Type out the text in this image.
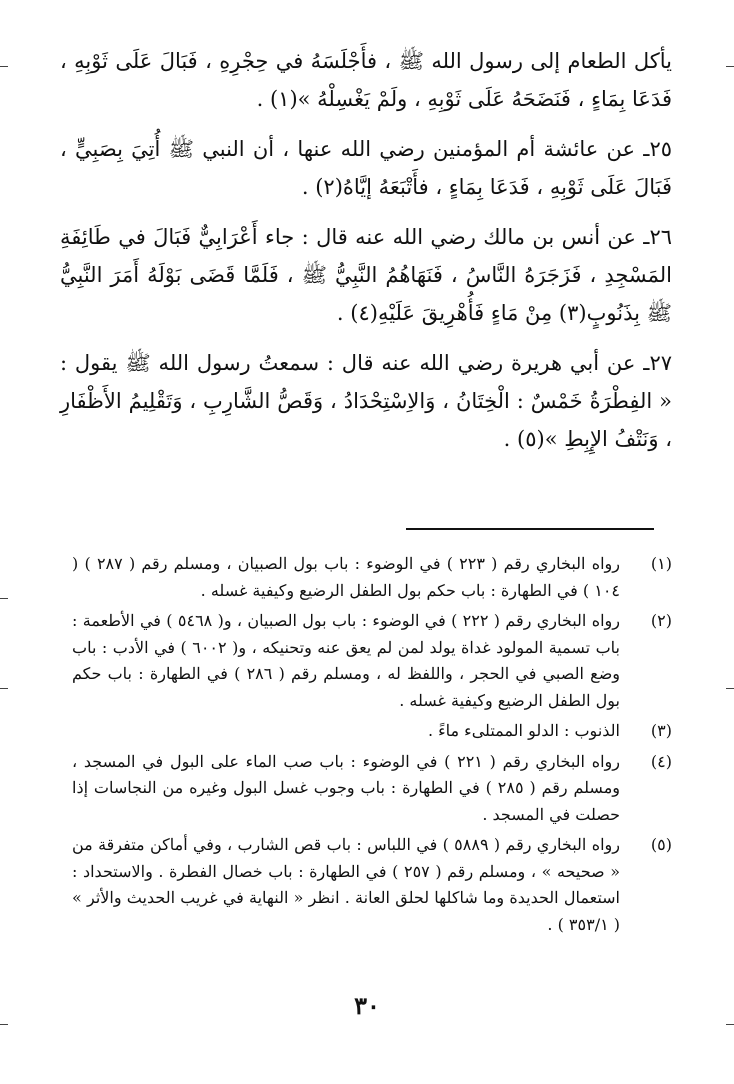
يأكل الطعام إلى رسول الله ﷺ ، فأَجْلَسَهُ في حِجْرِهِ ، فَبَالَ عَلَى ثَوْبِهِ ، فَدَعَا بِمَاءٍ ، فَنَضَحَهُ عَلَى ثَوْبِهِ ، ولَمْ يَغْسِلْهُ »(١) .

٢٥ـ عن عائشة أم المؤمنين رضي الله عنها ، أن النبي ﷺ أُتِيَ بِصَبِيٍّ ، فَبَالَ عَلَى ثَوْبِهِ ، فَدَعَا بِمَاءٍ ، فأَتْبَعَهُ إيَّاهُ(٢) .

٢٦ـ عن أنس بن مالك رضي الله عنه قال : جاء أَعْرَابِيٌّ فَبَالَ في طَائِفَةِ المَسْجِدِ ، فَزَجَرَهُ النَّاسُ ، فَنَهَاهُمُ النَّبِيُّ ﷺ ، فَلَمَّا قَضَى بَوْلَهُ أَمَرَ النَّبِيُّ ﷺ بِذَنُوبٍ(٣) مِنْ مَاءٍ فَأُهْرِيقَ عَلَيْهِ(٤) .

٢٧ـ عن أبي هريرة رضي الله عنه قال : سمعتُ رسول الله ﷺ يقول : « الفِطْرَةُ خَمْسٌ : الْخِتَانُ ، وَالاِسْتِحْدَادُ ، وَقَصُّ الشَّارِبِ ، وَتَقْلِيمُ الأَظْفَارِ ، وَنَتْفُ الإِبِطِ »(٥) .

(١)
رواه البخاري رقم ( ٢٢٣ ) في الوضوء : باب بول الصبيان ، ومسلم رقم ( ٢٨٧ ) ( ١٠٤ ) في الطهارة : باب حكم بول الطفل الرضيع وكيفية غسله .
(٢)
رواه البخاري رقم ( ٢٢٢ ) في الوضوء : باب بول الصبيان ، و( ٥٤٦٨ ) في الأطعمة : باب تسمية المولود غداة يولد لمن لم يعق عنه وتحنيكه ، و( ٦٠٠٢ ) في الأدب : باب وضع الصبي في الحجر ، واللفظ له ، ومسلم رقم ( ٢٨٦ ) في الطهارة : باب حكم بول الطفل الرضيع وكيفية غسله .
(٣)
الذنوب : الدلو الممتلىء ماءً .
(٤)
رواه البخاري رقم ( ٢٢١ ) في الوضوء : باب صب الماء على البول في المسجد ، ومسلم رقم ( ٢٨٥ ) في الطهارة : باب وجوب غسل البول وغيره من النجاسات إذا حصلت في المسجد .
(٥)
رواه البخاري رقم ( ٥٨٨٩ ) في اللباس : باب قص الشارب ، وفي أماكن متفرقة من « صحيحه » ، ومسلم رقم ( ٢٥٧ ) في الطهارة : باب خصال الفطرة . والاستحداد : استعمال الحديدة وما شاكلها لحلق العانة . انظر « النهاية في غريب الحديث والأثر » ( ٣٥٣/١ ) .
٣٠
